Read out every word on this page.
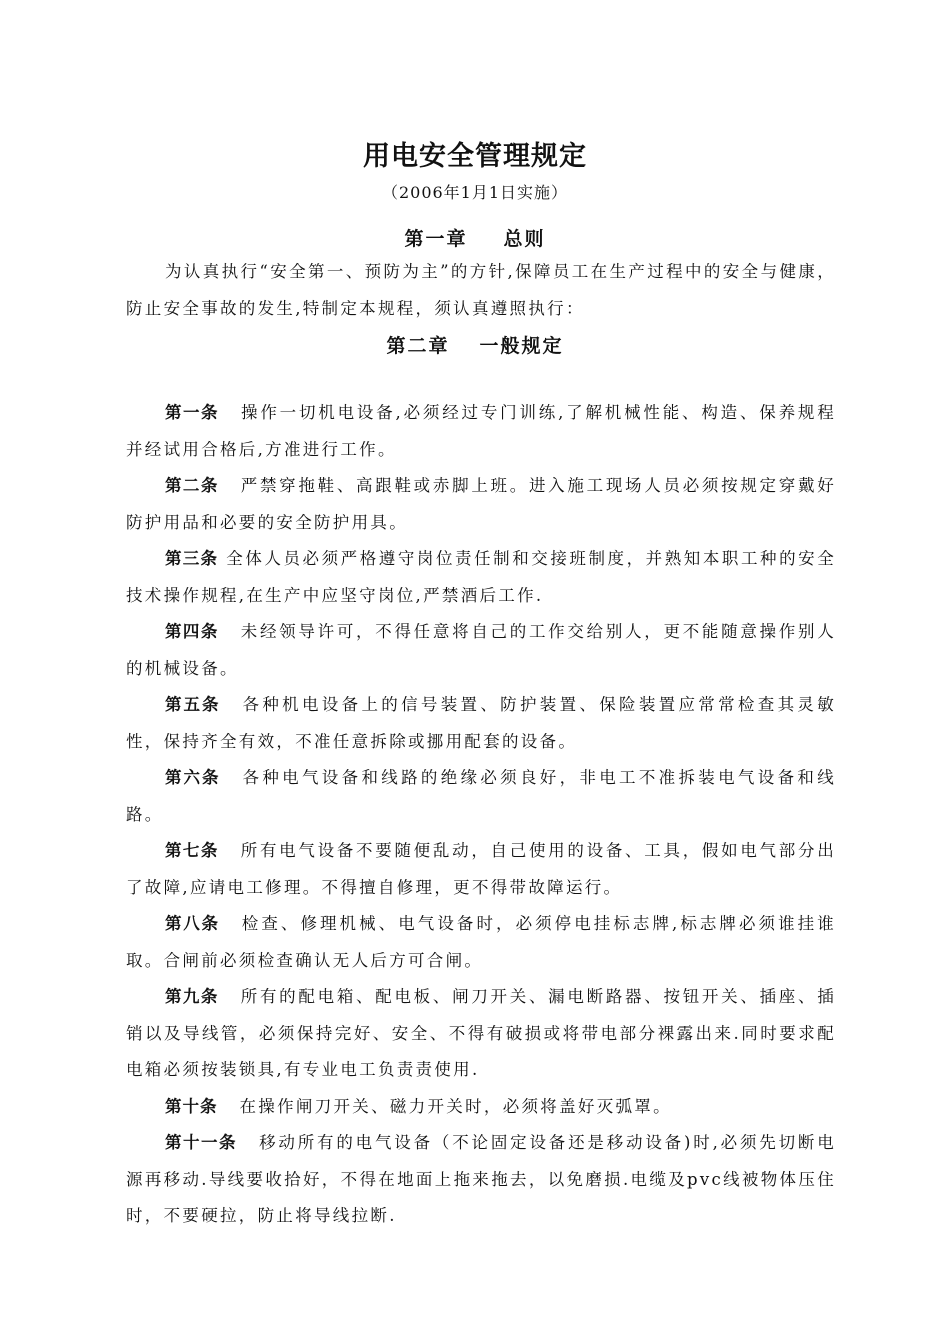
用电安全管理规定
（2006年1月1日实施）
第一章 总则
为认真执行“安全第一、预防为主”的方针,保障员工在生产过程中的安全与健康，防止安全事故的发生,特制定本规程，须认真遵照执行：
第二章 一般规定

第一条 操作一切机电设备,必须经过专门训练,了解机械性能、构造、保养规程并经试用合格后,方准进行工作。

第二条 严禁穿拖鞋、高跟鞋或赤脚上班。进入施工现场人员必须按规定穿戴好防护用品和必要的安全防护用具。

第三条 全体人员必须严格遵守岗位责任制和交接班制度，并熟知本职工种的安全技术操作规程,在生产中应坚守岗位,严禁酒后工作.

第四条 未经领导许可，不得任意将自己的工作交给别人，更不能随意操作别人的机械设备。

第五条 各种机电设备上的信号装置、防护装置、保险装置应常常检查其灵敏性，保持齐全有效，不准任意拆除或挪用配套的设备。

第六条 各种电气设备和线路的绝缘必须良好，非电工不准拆装电气设备和线路。

第七条 所有电气设备不要随便乱动，自己使用的设备、工具，假如电气部分出了故障,应请电工修理。不得擅自修理，更不得带故障运行。

第八条 检查、修理机械、电气设备时，必须停电挂标志牌,标志牌必须谁挂谁取。合闸前必须检查确认无人后方可合闸。

第九条 所有的配电箱、配电板、闸刀开关、漏电断路器、按钮开关、插座、插销以及导线管，必须保持完好、安全、不得有破损或将带电部分裸露出来.同时要求配电箱必须按装锁具,有专业电工负责责使用.

第十条 在操作闸刀开关、磁力开关时，必须将盖好灭弧罩。

第十一条 移动所有的电气设备（不论固定设备还是移动设备)时,必须先切断电源再移动.导线要收拾好，不得在地面上拖来拖去，以免磨损.电缆及pvc线被物体压住时，不要硬拉，防止将导线拉断.
